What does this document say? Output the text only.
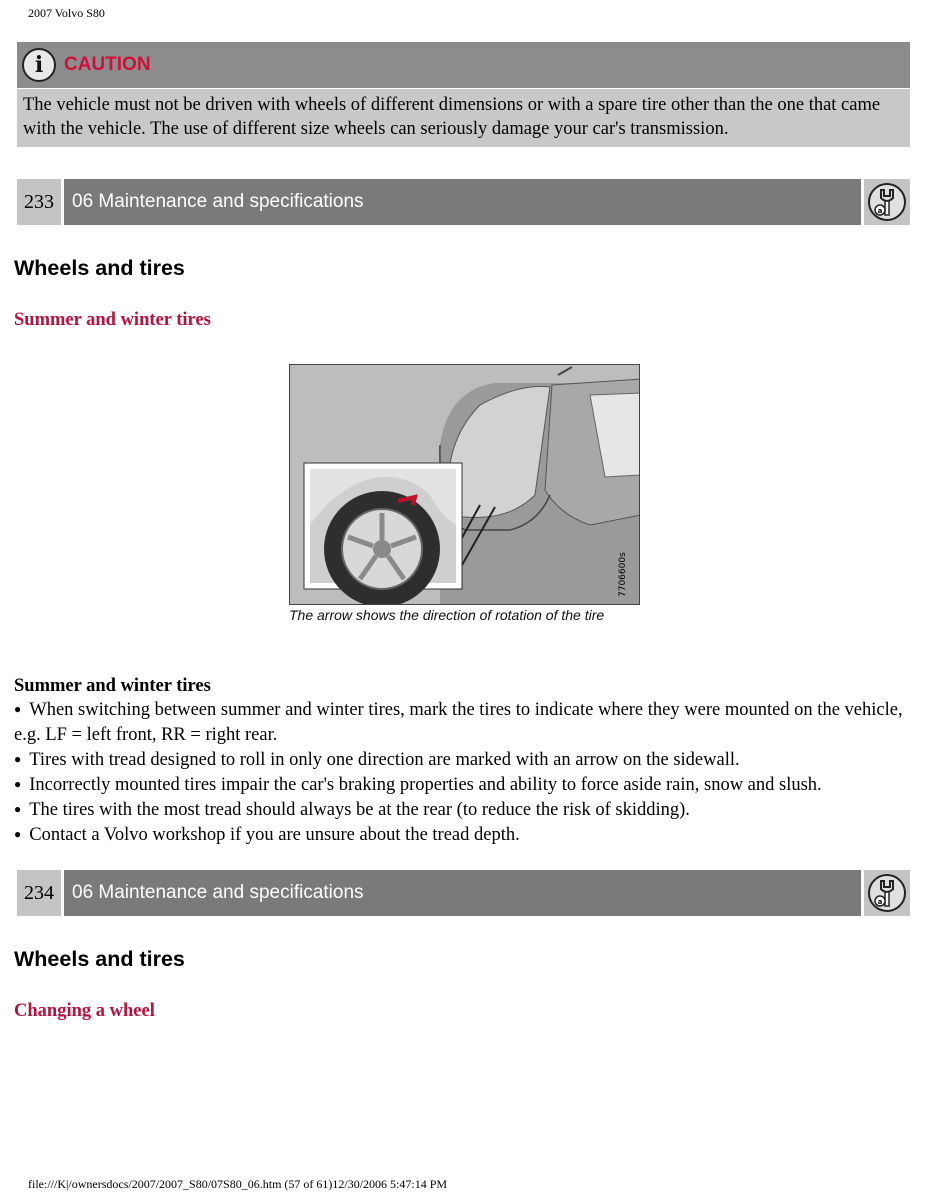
2007 Volvo S80
i	CAUTION
The vehicle must not be driven with wheels of different dimensions or with a spare tire other than the one that came with the vehicle. The use of different size wheels can seriously damage your car's transmission.
233 06 Maintenance and specifications	a
Wheels and tires
Summer and winter tires
7706600s
The arrow shows the direction of rotation of the tire
Summer and winter tires
● When switching between summer and winter tires, mark the tires to indicate where they were mounted on the vehicle, e.g. LF = left front, RR = right rear.
● Tires with tread designed to roll in only one direction are marked with an arrow on the sidewall.
● Incorrectly mounted tires impair the car's braking properties and ability to force aside rain, snow and slush.
● The tires with the most tread should always be at the rear (to reduce the risk of skidding).
● Contact a Volvo workshop if you are unsure about the tread depth.
234 06 Maintenance and specifications	a
Wheels and tires
Changing a wheel
file:///K|/ownersdocs/2007/2007_S80/07S80_06.htm (57 of 61)12/30/2006 5:47:14 PM
